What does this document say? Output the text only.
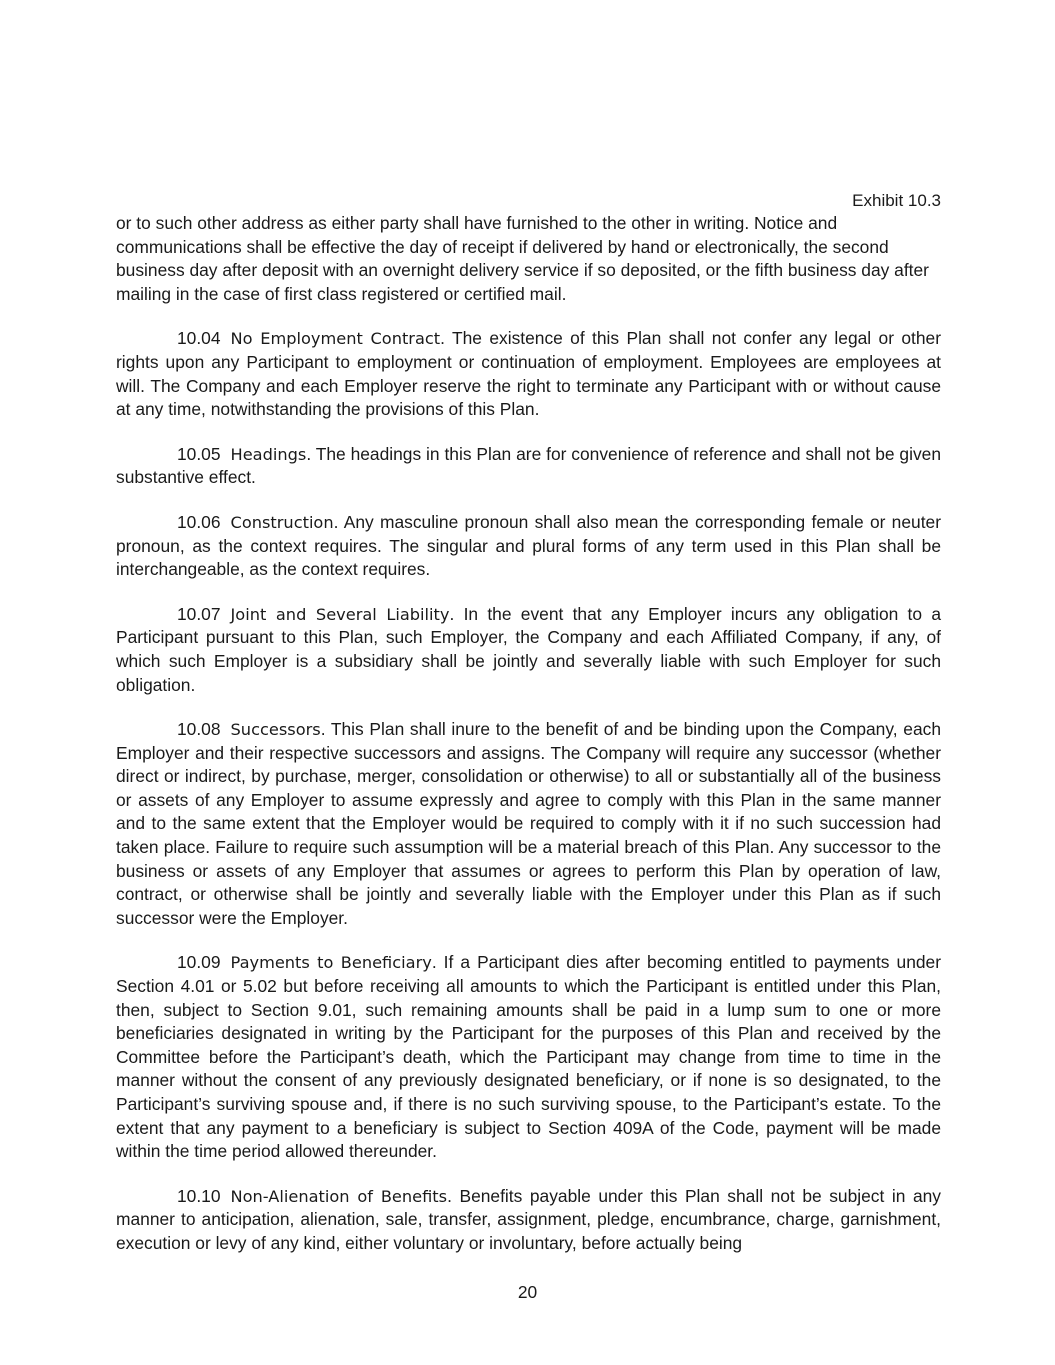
Exhibit 10.3

or to such other address as either party shall have furnished to the other in writing. Notice and communications shall be effective the day of receipt if delivered by hand or electronically, the second business day after deposit with an overnight delivery service if so deposited, or the fifth business day after mailing in the case of first class registered or certified mail.

10.04 No Employment Contract. The existence of this Plan shall not confer any legal or other rights upon any Participant to employment or continuation of employment. Employees are employees at will. The Company and each Employer reserve the right to terminate any Participant with or without cause at any time, notwithstanding the provisions of this Plan.

10.05 Headings. The headings in this Plan are for convenience of reference and shall not be given substantive effect.

10.06 Construction. Any masculine pronoun shall also mean the corresponding female or neuter pronoun, as the context requires. The singular and plural forms of any term used in this Plan shall be interchangeable, as the context requires.

10.07 Joint and Several Liability. In the event that any Employer incurs any obligation to a Participant pursuant to this Plan, such Employer, the Company and each Affiliated Company, if any, of which such Employer is a subsidiary shall be jointly and severally liable with such Employer for such obligation.

10.08 Successors. This Plan shall inure to the benefit of and be binding upon the Company, each Employer and their respective successors and assigns. The Company will require any successor (whether direct or indirect, by purchase, merger, consolidation or otherwise) to all or substantially all of the business or assets of any Employer to assume expressly and agree to comply with this Plan in the same manner and to the same extent that the Employer would be required to comply with it if no such succession had taken place. Failure to require such assumption will be a material breach of this Plan. Any successor to the business or assets of any Employer that assumes or agrees to perform this Plan by operation of law, contract, or otherwise shall be jointly and severally liable with the Employer under this Plan as if such successor were the Employer.

10.09 Payments to Beneficiary. If a Participant dies after becoming entitled to payments under Section 4.01 or 5.02 but before receiving all amounts to which the Participant is entitled under this Plan, then, subject to Section 9.01, such remaining amounts shall be paid in a lump sum to one or more beneficiaries designated in writing by the Participant for the purposes of this Plan and received by the Committee before the Participant’s death, which the Participant may change from time to time in the manner without the consent of any previously designated beneficiary, or if none is so designated, to the Participant’s surviving spouse and, if there is no such surviving spouse, to the Participant’s estate. To the extent that any payment to a beneficiary is subject to Section 409A of the Code, payment will be made within the time period allowed thereunder.

10.10 Non-Alienation of Benefits. Benefits payable under this Plan shall not be subject in any manner to anticipation, alienation, sale, transfer, assignment, pledge, encumbrance, charge, garnishment, execution or levy of any kind, either voluntary or involuntary, before actually being

20
